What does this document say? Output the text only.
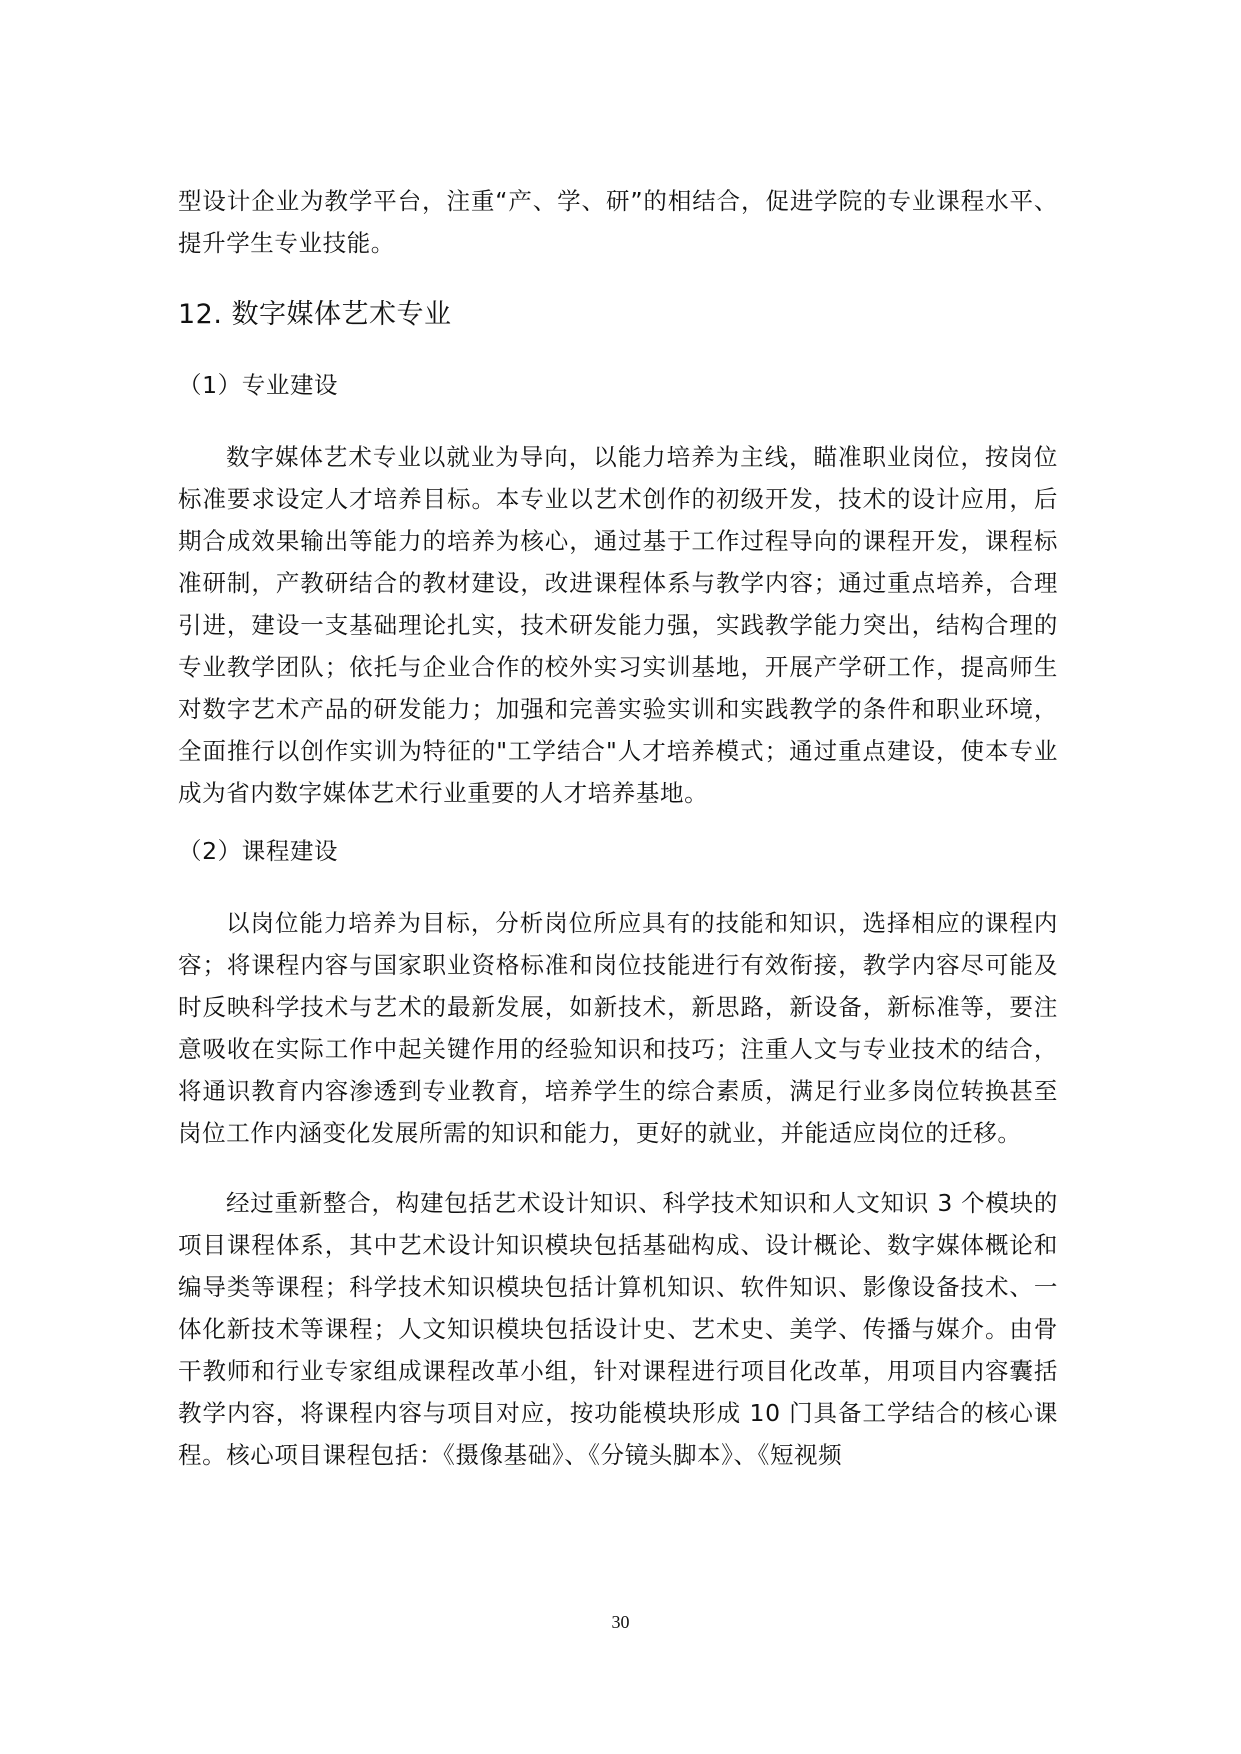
型设计企业为教学平台，注重“产、学、研”的相结合，促进学院的专业课程水平、提升学生专业技能。

12. 数字媒体艺术专业
（1）专业建设

数字媒体艺术专业以就业为导向，以能力培养为主线，瞄准职业岗位，按岗位标准要求设定人才培养目标。本专业以艺术创作的初级开发，技术的设计应用，后期合成效果输出等能力的培养为核心，通过基于工作过程导向的课程开发，课程标准研制，产教研结合的教材建设，改进课程体系与教学内容；通过重点培养，合理引进，建设一支基础理论扎实，技术研发能力强，实践教学能力突出，结构合理的专业教学团队；依托与企业合作的校外实习实训基地，开展产学研工作，提高师生对数字艺术产品的研发能力；加强和完善实验实训和实践教学的条件和职业环境，全面推行以创作实训为特征的"工学结合"人才培养模式；通过重点建设，使本专业成为省内数字媒体艺术行业重要的人才培养基地。

（2）课程建设

以岗位能力培养为目标，分析岗位所应具有的技能和知识，选择相应的课程内容；将课程内容与国家职业资格标准和岗位技能进行有效衔接，教学内容尽可能及时反映科学技术与艺术的最新发展，如新技术，新思路，新设备，新标准等，要注意吸收在实际工作中起关键作用的经验知识和技巧；注重人文与专业技术的结合，将通识教育内容渗透到专业教育，培养学生的综合素质，满足行业多岗位转换甚至岗位工作内涵变化发展所需的知识和能力，更好的就业，并能适应岗位的迁移。

经过重新整合，构建包括艺术设计知识、科学技术知识和人文知识 3 个模块的项目课程体系，其中艺术设计知识模块包括基础构成、设计概论、数字媒体概论和编导类等课程；科学技术知识模块包括计算机知识、软件知识、影像设备技术、一体化新技术等课程；人文知识模块包括设计史、艺术史、美学、传播与媒介。由骨干教师和行业专家组成课程改革小组，针对课程进行项目化改革，用项目内容囊括教学内容，将课程内容与项目对应，按功能模块形成 10 门具备工学结合的核心课程。核心项目课程包括：《摄像基础》、《分镜头脚本》、《短视频

30
